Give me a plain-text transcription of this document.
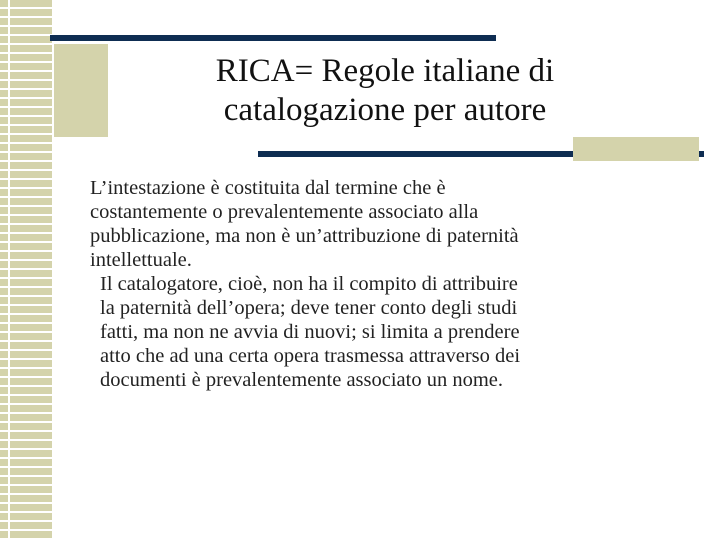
RICA= Regole italiane di
catalogazione per autore

L’intestazione è costituita dal termine che è
costantemente o prevalentemente associato alla
pubblicazione, ma non è un’attribuzione di paternità
intellettuale.

Il catalogatore, cioè, non ha il compito di attribuire
la paternità dell’opera; deve tener conto degli studi
fatti, ma non ne avvia di nuovi; si limita a prendere
atto che ad una certa opera trasmessa attraverso dei
documenti è prevalentemente associato un nome.
